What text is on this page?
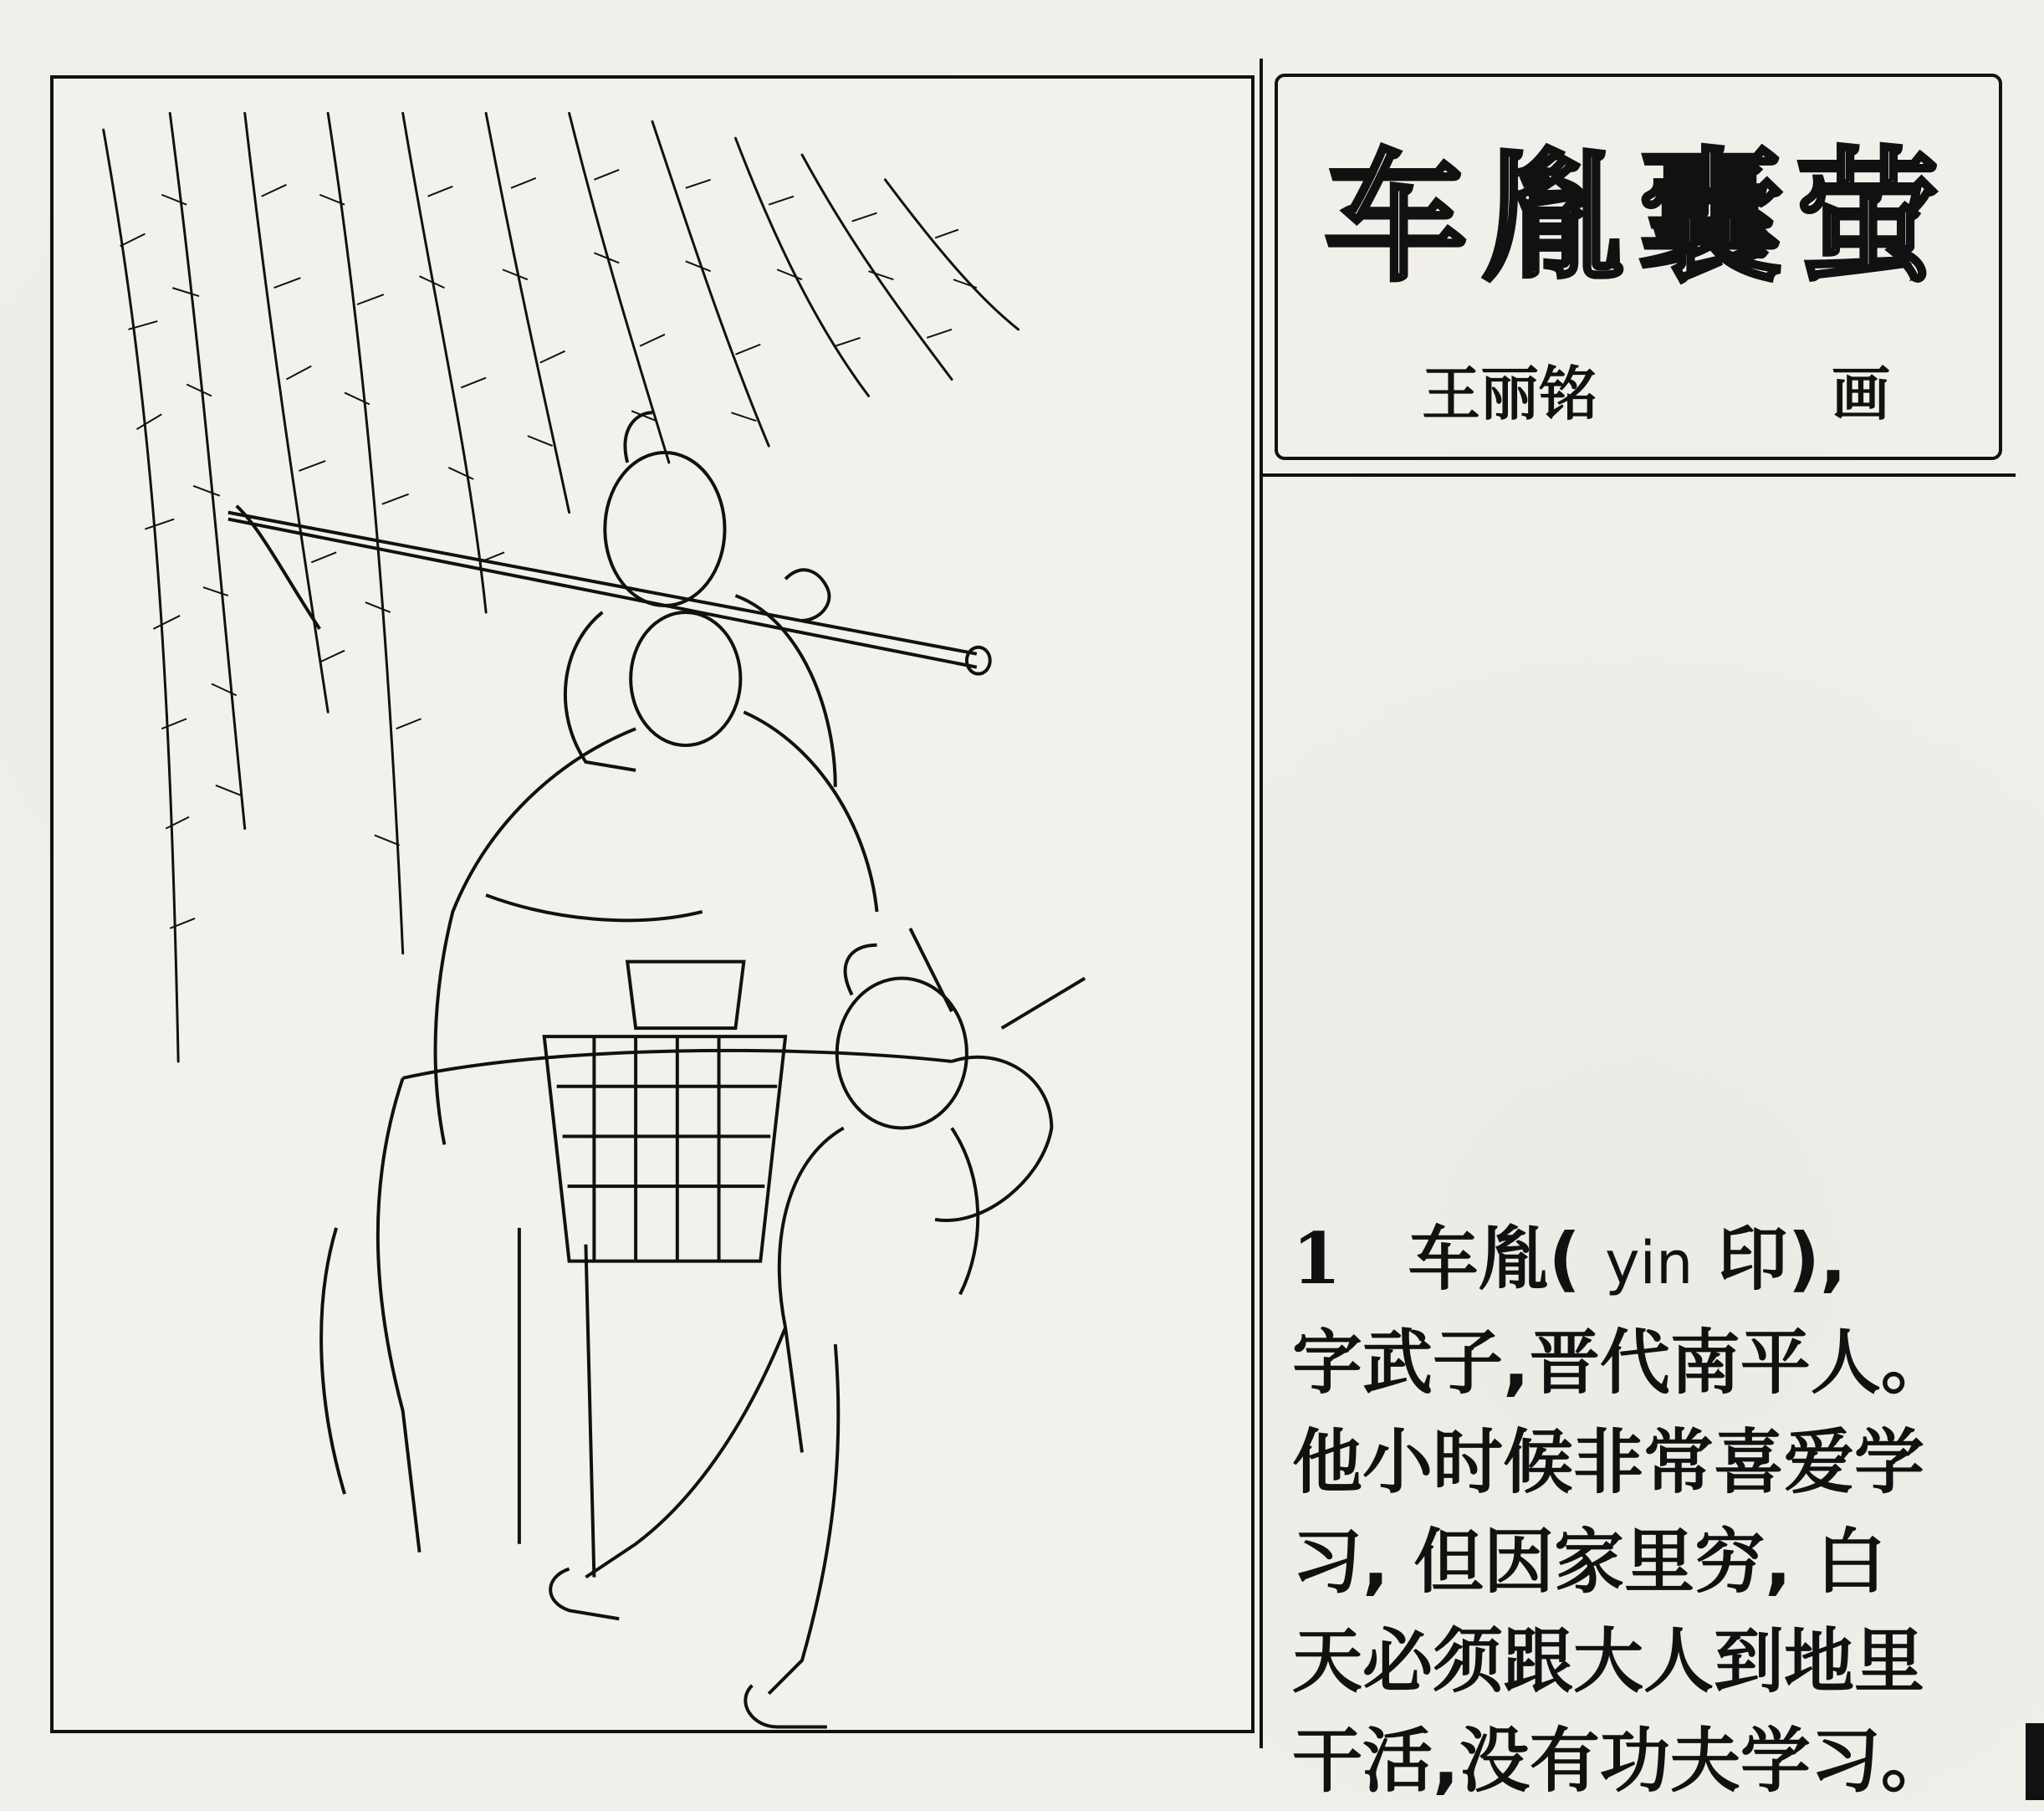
车胤囊萤
王丽铭	画
1 车胤( yin 印),
字武子,晋代南平人。
他小时候非常喜爱学
习, 但因家里穷, 白
天必须跟大人到地里
干活,没有功夫学习。
